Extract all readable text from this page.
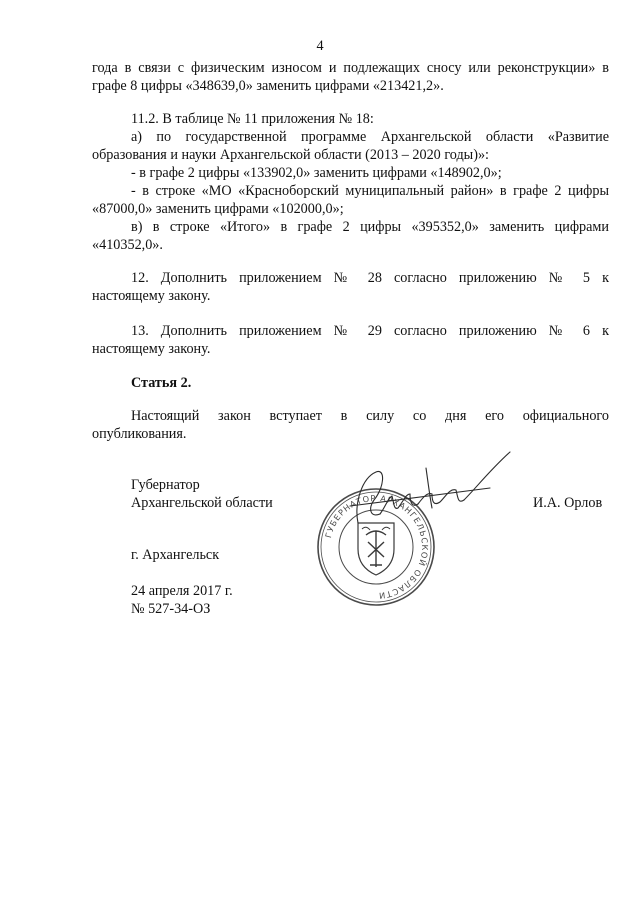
4
года в связи с физическим износом и подлежащих сносу или реконструкции» в
графе 8 цифры «348639,0» заменить цифрами «213421,2».
11.2. В таблице № 11 приложения № 18:
а) по государственной программе Архангельской области «Развитие
образования и науки Архангельской области (2013 – 2020 годы)»:
- в графе 2 цифры «133902,0» заменить цифрами «148902,0»;
- в строке «МО «Красноборский муниципальный район» в графе 2 цифры
«87000,0» заменить цифрами «102000,0»;
в) в строке «Итого» в графе 2 цифры «395352,0» заменить цифрами
«410352,0».
12. Дополнить приложением № 28 согласно приложению № 5 к
настоящему закону.
13. Дополнить приложением № 29 согласно приложению № 6 к
настоящему закону.
Статья 2.
Настоящий закон вступает в силу со дня его официального
опубликования.
Губернатор
Архангельской области	И.А. Орлов
г. Архангельск
24 апреля 2017 г.
№ 527-34-ОЗ
ГУБЕРНАТОР АРХАНГЕЛЬСКОЙ ОБЛАСТИ
